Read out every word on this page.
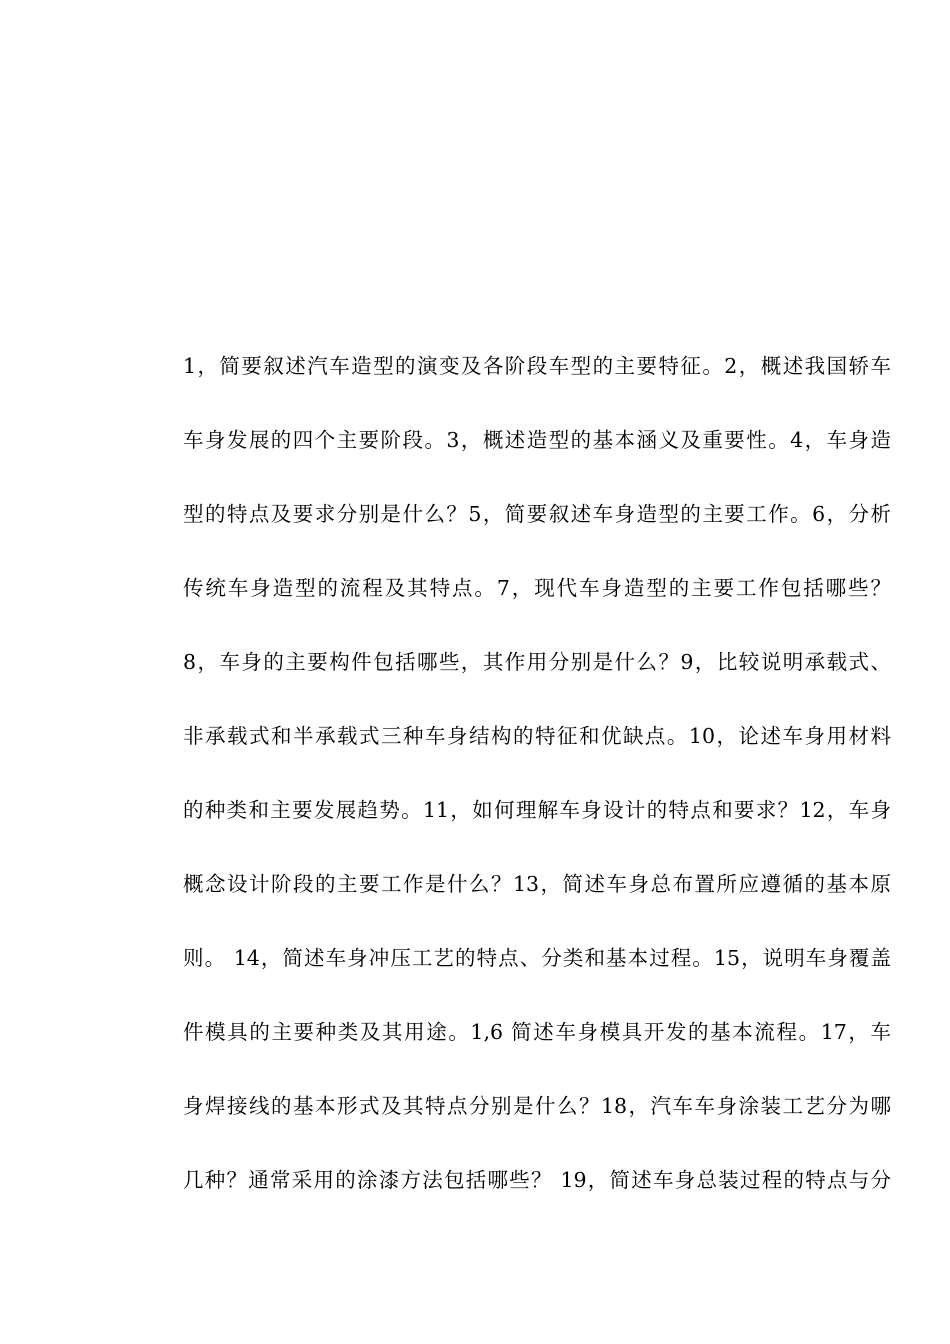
1，简要叙述汽车造型的演变及各阶段车型的主要特征。2，概述我国轿车
车身发展的四个主要阶段。3，概述造型的基本涵义及重要性。4，车身造
型的特点及要求分别是什么？5，简要叙述车身造型的主要工作。6，分析
传统车身造型的流程及其特点。7，现代车身造型的主要工作包括哪些？
8，车身的主要构件包括哪些，其作用分别是什么？9，比较说明承载式、
非承载式和半承载式三种车身结构的特征和优缺点。10，论述车身用材料
的种类和主要发展趋势。11，如何理解车身设计的特点和要求？12，车身
概念设计阶段的主要工作是什么？13，简述车身总布置所应遵循的基本原
则。 14，简述车身冲压工艺的特点、分类和基本过程。15，说明车身覆盖
件模具的主要种类及其用途。1,6 简述车身模具开发的基本流程。17，车
身焊接线的基本形式及其特点分别是什么？18，汽车车身涂装工艺分为哪
几种？通常采用的涂漆方法包括哪些？ 19，简述车身总装过程的特点与分
